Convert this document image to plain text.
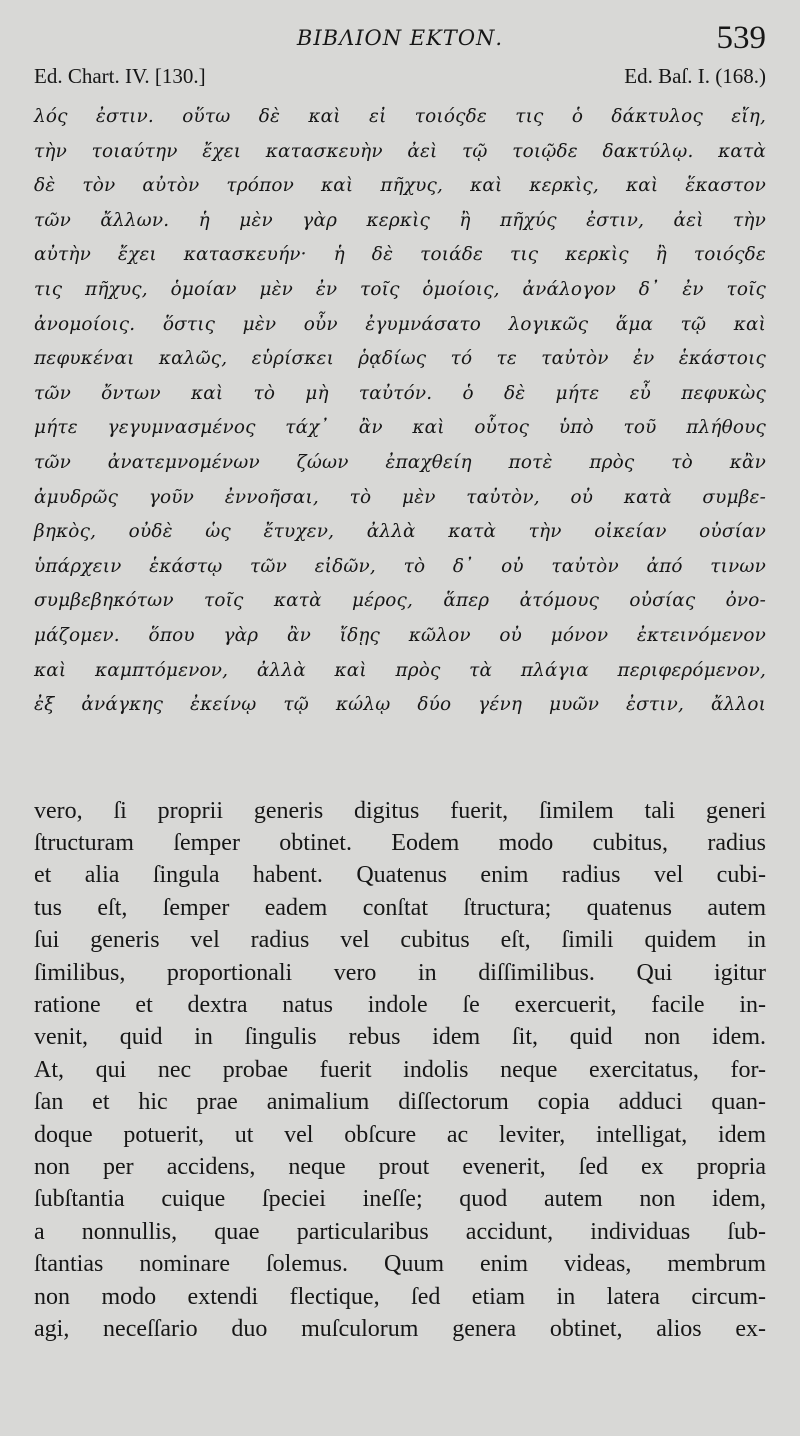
ΒΙΒΛΙΟΝ ΕΚΤΟΝ.	539
Ed. Chart. IV. [130.]	Ed. Baſ. I. (168.)
λός ἐστιν. οὕτω δὲ καὶ εἰ τοιόςδε τις ὁ δάκτυλος εἴη,
τὴν τοιαύτην ἔχει κατασκευὴν ἀεὶ τῷ τοιῷδε δακτύλῳ. κατὰ
δὲ τὸν αὐτὸν τρόπον καὶ πῆχυς, καὶ κερκὶς, καὶ ἕκαστον
τῶν ἄλλων. ἡ μὲν γὰρ κερκὶς ἢ πῆχύς ἐστιν, ἀεὶ τὴν
αὐτὴν ἔχει κατασκευήν· ἡ δὲ τοιάδε τις κερκὶς ἢ τοιόςδε
τις πῆχυς, ὁμοίαν μὲν ἐν τοῖς ὁμοίοις, ἀνάλογον δ᾽ ἐν τοῖς
ἀνομοίοις. ὅστις μὲν οὖν ἐγυμνάσατο λογικῶς ἅμα τῷ καὶ
πεφυκέναι καλῶς, εὑρίσκει ῥᾳδίως τό τε ταὐτὸν ἐν ἑκάστοις
τῶν ὄντων καὶ τὸ μὴ ταὐτόν. ὁ δὲ μήτε εὖ πεφυκὼς
μήτε γεγυμνασμένος τάχ᾽ ἂν καὶ οὗτος ὑπὸ τοῦ πλήθους
τῶν ἀνατεμνομένων ζώων ἐπαχθείη ποτὲ πρὸς τὸ κἂν
ἀμυδρῶς γοῦν ἐννοῆσαι, τὸ μὲν ταὐτὸν, οὐ κατὰ συμβε-
βηκὸς, οὐδὲ ὡς ἔτυχεν, ἀλλὰ κατὰ τὴν οἰκείαν οὐσίαν
ὑπάρχειν ἑκάστῳ τῶν εἰδῶν, τὸ δ᾽ οὐ ταὐτὸν ἀπό τινων
συμβεβηκότων τοῖς κατὰ μέρος, ἅπερ ἀτόμους οὐσίας ὀνο-
μάζομεν. ὅπου γὰρ ἂν ἴδῃς κῶλον οὐ μόνον ἐκτεινόμενον
καὶ καμπτόμενον, ἀλλὰ καὶ πρὸς τὰ πλάγια περιφερόμενον,
ἐξ ἀνάγκης ἐκείνῳ τῷ κώλῳ δύο γένη μυῶν ἐστιν, ἄλλοι
vero, ſi proprii generis digitus fuerit, ſimilem tali generi
ſtructuram ſemper obtinet. Eodem modo cubitus, radius
et alia ſingula habent. Quatenus enim radius vel cubi-
tus eſt, ſemper eadem conſtat ſtructura; quatenus autem
ſui generis vel radius vel cubitus eſt, ſimili quidem in
ſimilibus, proportionali vero in diſſimilibus. Qui igitur
ratione et dextra natus indole ſe exercuerit, facile in-
venit, quid in ſingulis rebus idem ſit, quid non idem.
At, qui nec probae fuerit indolis neque exercitatus, for-
ſan et hic prae animalium diſſectorum copia adduci quan-
doque potuerit, ut vel obſcure ac leviter, intelligat, idem
non per accidens, neque prout evenerit, ſed ex propria
ſubſtantia cuique ſpeciei ineſſe; quod autem non idem,
a nonnullis, quae particularibus accidunt, individuas ſub-
ſtantias nominare ſolemus. Quum enim videas, membrum
non modo extendi flectique, ſed etiam in latera circum-
agi, neceſſario duo muſculorum genera obtinet, alios ex-
